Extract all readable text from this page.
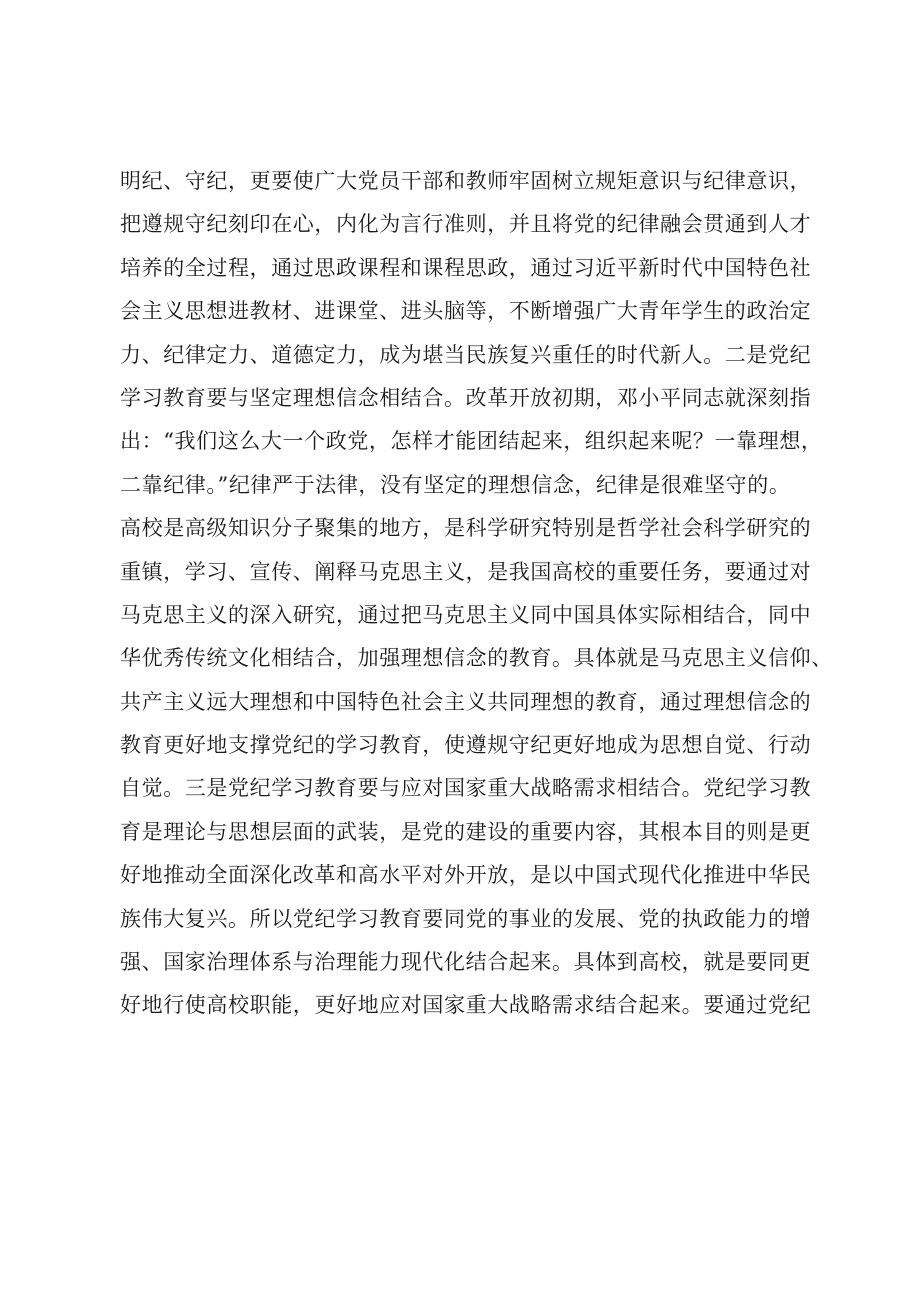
明纪、守纪，更要使广大党员干部和教师牢固树立规矩意识与纪律意识，
把遵规守纪刻印在心，内化为言行准则，并且将党的纪律融会贯通到人才
培养的全过程，通过思政课程和课程思政，通过习近平新时代中国特色社
会主义思想进教材、进课堂、进头脑等，不断增强广大青年学生的政治定
力、纪律定力、道德定力，成为堪当民族复兴重任的时代新人。二是党纪
学习教育要与坚定理想信念相结合。改革开放初期，邓小平同志就深刻指
出：“我们这么大一个政党，怎样才能团结起来，组织起来呢？一靠理想，
二靠纪律。”纪律严于法律，没有坚定的理想信念，纪律是很难坚守的。
高校是高级知识分子聚集的地方，是科学研究特别是哲学社会科学研究的
重镇，学习、宣传、阐释马克思主义，是我国高校的重要任务，要通过对
马克思主义的深入研究，通过把马克思主义同中国具体实际相结合，同中
华优秀传统文化相结合，加强理想信念的教育。具体就是马克思主义信仰、
共产主义远大理想和中国特色社会主义共同理想的教育，通过理想信念的
教育更好地支撑党纪的学习教育，使遵规守纪更好地成为思想自觉、行动
自觉。三是党纪学习教育要与应对国家重大战略需求相结合。党纪学习教
育是理论与思想层面的武装，是党的建设的重要内容，其根本目的则是更
好地推动全面深化改革和高水平对外开放，是以中国式现代化推进中华民
族伟大复兴。所以党纪学习教育要同党的事业的发展、党的执政能力的增
强、国家治理体系与治理能力现代化结合起来。具体到高校，就是要同更
好地行使高校职能，更好地应对国家重大战略需求结合起来。要通过党纪
